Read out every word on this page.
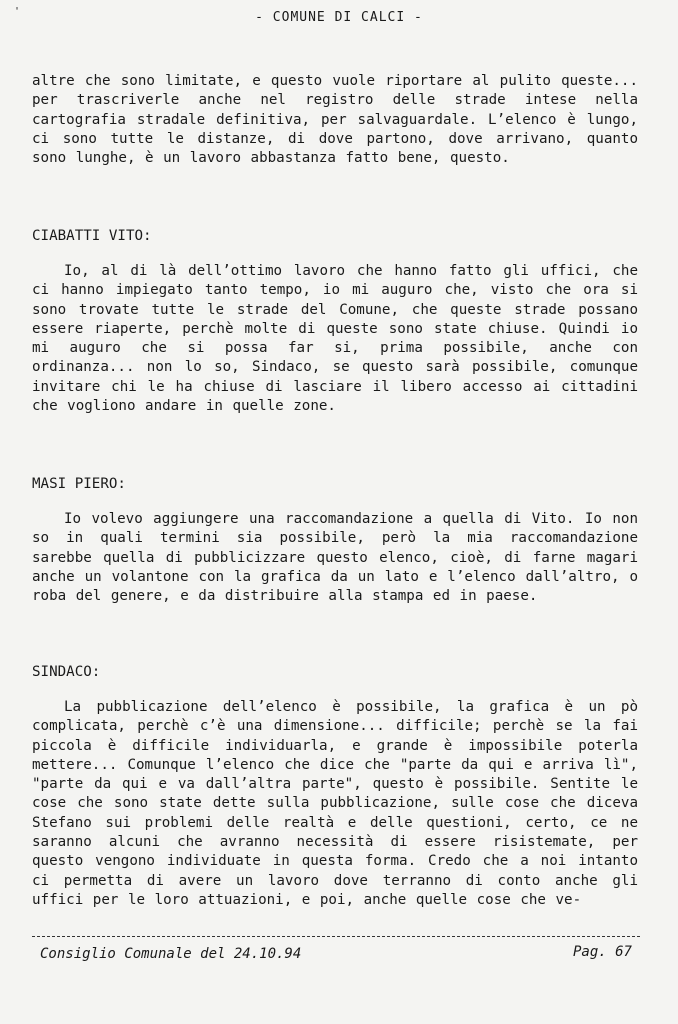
'	- COMUNE DI CALCI -
altre che sono limitate, e questo vuole riportare al pulito queste... per trascriverle anche nel registro delle strade intese nella cartografia stradale definitiva, per salvaguardale. L’elenco è lungo, ci sono tutte le distanze, di dove partono, dove arrivano, quanto sono lunghe, è un lavoro abbastanza fatto bene, questo.
CIABATTI VITO:
Io, al di là dell’ottimo lavoro che hanno fatto gli uffici, che ci hanno impiegato tanto tempo, io mi auguro che, visto che ora si sono trovate tutte le strade del Comune, che queste strade possano essere riaperte, perchè molte di queste sono state chiuse. Quindi io mi auguro che si possa far si, prima possibile, anche con ordinanza... non lo so, Sindaco, se questo sarà possibile, comunque invitare chi le ha chiuse di lasciare il libero accesso ai cittadini che vogliono andare in quelle zone.
MASI PIERO:
Io volevo aggiungere una raccomandazione a quella di Vito. Io non so in quali termini sia possibile, però la mia raccomandazione sarebbe quella di pubblicizzare questo elenco, cioè, di farne magari anche un volantone con la grafica da un lato e l’elenco dall’altro, o roba del genere, e da distribuire alla stampa ed in paese.
SINDACO:
La pubblicazione dell’elenco è possibile, la grafica è un pò complicata, perchè c’è una dimensione... difficile; perchè se la fai piccola è difficile individuarla, e grande è impossibile poterla mettere... Comunque l’elenco che dice che "parte da qui e arriva lì", "parte da qui e va dall’altra parte", questo è possibile. Sentite le cose che sono state dette sulla pubblicazione, sulle cose che diceva Stefano sui problemi delle realtà e delle questioni, certo, ce ne saranno alcuni che avranno necessità di essere risistemate, per questo vengono individuate in questa forma. Credo che a noi intanto ci permetta di avere un lavoro dove terranno di conto anche gli uffici per le loro attuazioni, e poi, anche quelle cose che ve-
Consiglio Comunale del 24.10.94	Pag. 67
